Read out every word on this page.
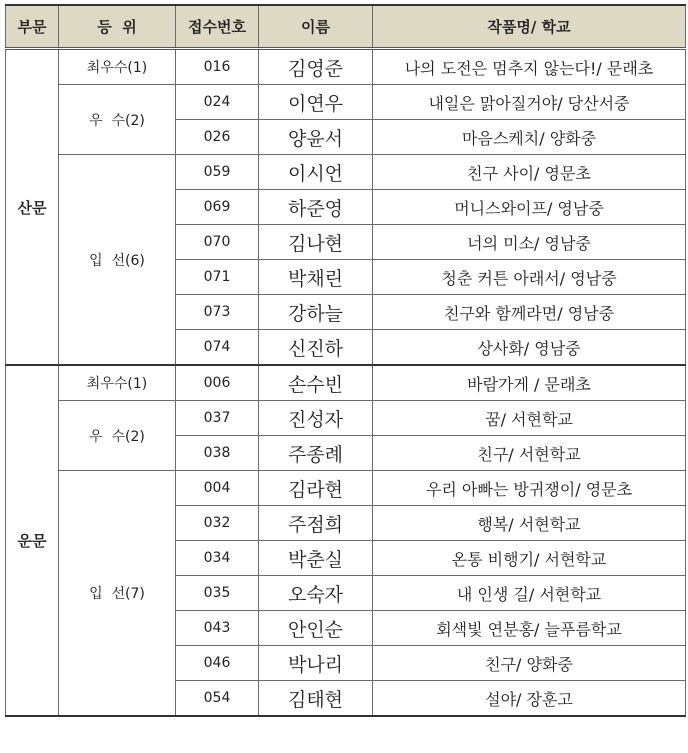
부문	등  위	접수번호	이름	작품명/ 학교
산문	최우수(1)	016	김영준	나의 도전은 멈추지 않는다!/ 문래초
	우  수(2)	024	이연우	내일은 맑아질거야/ 당산서중
		026	양윤서	마음스케치/ 양화중
	입  선(6)	059	이시언	친구 사이/ 영문초
		069	하준영	머니스와이프/ 영남중
		070	김나현	너의 미소/ 영남중
		071	박채린	청춘 커튼 아래서/ 영남중
		073	강하늘	친구와 함께라면/ 영남중
		074	신진하	상사화/ 영남중
운문	최우수(1)	006	손수빈	바람가게 / 문래초
	우  수(2)	037	진성자	꿈/ 서현학교
		038	주종례	친구/ 서현학교
	입  선(7)	004	김라현	우리 아빠는 방귀쟁이/ 영문초
		032	주점희	행복/ 서현학교
		034	박춘실	온통 비행기/ 서현학교
		035	오숙자	내 인생 길/ 서현학교
		043	안인순	회색빛 연분홍/ 늘푸름학교
		046	박나리	친구/ 양화중
		054	김태현	설야/ 장훈고
